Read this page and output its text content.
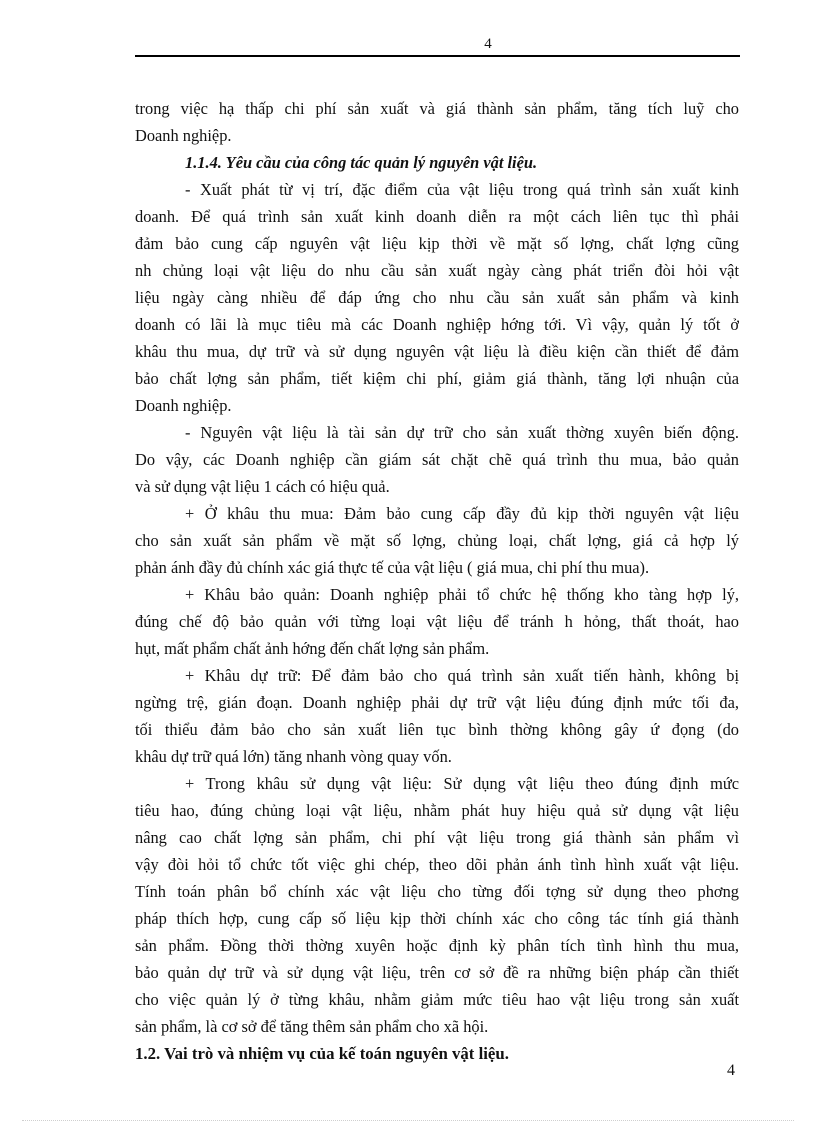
4
trong việc hạ thấp chi phí sản xuất và giá thành sản phẩm, tăng tích luỹ cho
Doanh nghiệp.
1.1.4. Yêu cầu của công tác quản lý nguyên vật liệu.
- Xuất phát từ vị trí, đặc điểm của vật liệu trong quá trình sản xuất kinh
doanh. Để quá trình sản xuất kinh doanh diễn ra một cách liên tục thì phải
đảm bảo cung cấp nguyên vật liệu kịp thời về mặt số lợng, chất lợng cũng
nh chủng loại vật liệu do nhu cầu sản xuất ngày càng phát triển đòi hỏi vật
liệu ngày càng nhiều để đáp ứng cho nhu cầu sản xuất sản phẩm và kinh
doanh có lãi là mục tiêu mà các Doanh nghiệp hớng tới. Vì vậy, quản lý tốt ở
khâu thu mua, dự trữ và sử dụng nguyên vật liệu là điều kiện cần thiết để đảm
bảo chất lợng sản phẩm, tiết kiệm chi phí, giảm giá thành, tăng lợi nhuận của
Doanh nghiệp.
- Nguyên vật liệu là tài sản dự trữ cho sản xuất thờng xuyên biến động.
Do vậy, các Doanh nghiệp cần giám sát chặt chẽ quá trình thu mua, bảo quản
và sử dụng vật liệu 1 cách có hiệu quả.
+ Ở khâu thu mua: Đảm bảo cung cấp đầy đủ kịp thời nguyên vật liệu
cho sản xuất sản phẩm về mặt số lợng, chủng loại, chất lợng, giá cả hợp lý
phản ánh đầy đủ chính xác giá thực tế của vật liệu ( giá mua, chi phí thu mua).
+ Khâu bảo quản: Doanh nghiệp phải tổ chức hệ thống kho tàng hợp lý,
đúng chế độ bảo quản với từng loại vật liệu để tránh h hỏng, thất thoát, hao
hụt, mất phẩm chất ảnh hớng đến chất lợng sản phẩm.
+ Khâu dự trữ: Để đảm bảo cho quá trình sản xuất tiến hành, không bị
ngừng trệ, gián đoạn. Doanh nghiệp phải dự trữ vật liệu đúng định mức tối đa,
tối thiểu đảm bảo cho sản xuất liên tục bình thờng không gây ứ đọng (do
khâu dự trữ quá lớn) tăng nhanh vòng quay vốn.
+ Trong khâu sử dụng vật liệu: Sử dụng vật liệu theo đúng định mức
tiêu hao, đúng chủng loại vật liệu, nhằm phát huy hiệu quả sử dụng vật liệu
nâng cao chất lợng sản phẩm, chi phí vật liệu trong giá thành sản phẩm vì
vậy đòi hỏi tổ chức tốt việc ghi chép, theo dõi phản ánh tình hình xuất vật liệu.
Tính toán phân bổ chính xác vật liệu cho từng đối tợng sử dụng theo phơng
pháp thích hợp, cung cấp số liệu kịp thời chính xác cho công tác tính giá thành
sản phẩm. Đồng thời thờng xuyên hoặc định kỳ phân tích tình hình thu mua,
bảo quản dự trữ và sử dụng vật liệu, trên cơ sở đề ra những biện pháp cần thiết
cho việc quản lý ở từng khâu, nhằm giảm mức tiêu hao vật liệu trong sản xuất
sản phẩm, là cơ sở để tăng thêm sản phẩm cho xã hội.
1.2. Vai trò và nhiệm vụ của kế toán nguyên vật liệu.
4
